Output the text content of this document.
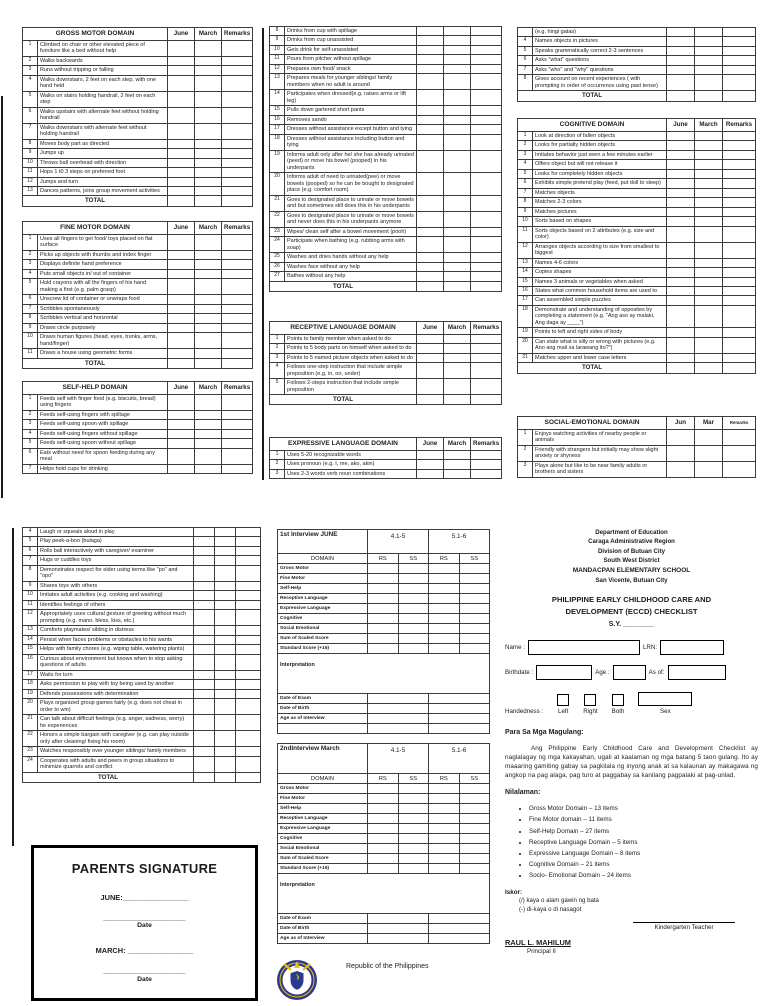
GROSS MOTOR DOMAIN		June	March	Remarks
1	Climbed on chair or other elevated piece of furniture like a bed without help			
2	Walks backwards			
3	Runs without tripping or falling			
4	Walks downstairs, 2 feet on each step, with one hand held			
5	Walks on stairs holding handrail, 2 feet on each step			
6	Walks upstairs with alternate feet without holding handrail			
7	Walks downstairs with alternate feet without holding handrail			
8	Moves body part as directed			
9	Jumps up			
10	Throws ball overhead with direction			
11	Hops 1 t0 3 steps on preferred foot			
12	Jumps and turn			
13	Dances patterns, joins group movement activities			
TOTAL				
FINE MOTOR DOMAIN		June	March	Remarks
1	Uses all fingers to get food/ toys placed on flat surface			
2	Picks up objects with thumbs and index finger			
3	Displays definite hand preference			
4	Puts small objects in/ out of container			
5	Hold crayons with all the fingers of his hand making a first (e.g. palm grasp)			
6	Unscrew lid of container or unwraps food			
7	Scribbles spontaneously			
8	Scribbles vertical and horizontal			
9	Draws circle purposely			
10	Draws human figures (head, eyes, trunks, arms, hand/finger)			
11	Draws a house using geometric forms			
TOTAL				
SELF-HELP DOMAIN		June	March	Remarks
1	Feeds self with finger food (e.g. biscuits, bread) using fingers			
2	Feeds self-using fingers with spillage			
3	Feeds self-using spoon with spillage			
4	Feeds self-using fingers without spillage			
5	Feeds self-using spoon without spillage			
6	Eats without need for spoon feeding during any meal			
7	Helps hold cups for drinking			
8	Drinks from cup with spillage			
9	Drinks from cup unassisted			
10	Gets drink for self-unassisted			
11	Pours from pitcher without spillage			
12	Prepares own food/ snack			
13	Prepares meals for younger siblings/ family members when no adult is around			
14	Participates when dressed(e.g. raises arms or lift leg)			
15	Pulls down gartered short pants			
16	Removes sando			
17	Dresses without assistance except button and tying			
18	Dresses without assistance including button and tying			
19	Informs adult only after he/ she has already urinated (peed) or move his bowel (pooped) in his underpants			
20	Informs adult of need to urinated(pee) or move bowels (pooped) so he can be bought to designated place (e.g. comfort room)			
21	Goes to designated place to urinate or move bowels and but sometimes still does this in his underpants			
22	Goes to designated place to urinate or move bowels and never does this in his underpants anymore			
23	Wipes/ clean self after a bowel movement (pooh)			
24	Participate when bathing (e.g. rubbing arms with soap)			
25	Washes and dries hands without any help			
26	Washes face without any help			
27	Bathes without any help			
TOTAL				
RECEPTIVE LANGUAGE DOMAIN		June	March	Remarks
1	Points to family member when asked to do			
2	Points to 5 body parts on himself when asked to do			
3	Points to 5 named picture objects when asked to do			
4	Follows one-step instruction that include simple preposition (e.g. in, on, under)			
5	Follows 2-steps instruction that include simple preposition			
TOTAL				
EXPRESSIVE LANGUAGE DOMAIN		June	March	Remarks
1	Uses 5-20 recognizable words			
2	Uses pronoun (e.g. I, me, ako, akin)			
3	Uses 2-3 words verb noun combinations			
	(e.g. hingi gatas)			
4	Names objects in pictures			
5	Speaks grammatically correct 2-3 sentences			
6	Asks "what" questions			
7	Asks "who" and "why" questions			
8	Gives account on recent experiences ( with prompting in order of occurrence using past tense)			
TOTAL				
COGNITIVE DOMAIN		June	March	Remarks
1	Look at direction of fallen objects			
2	Looks for partially hidden objects			
3	Imitates behavior just seen a few minutes earlier			
4	Offers object but will not release it			
5	Looks for completely hidden objects			
6	Exhibits simple pretend play (feed, put doll to sleep)			
7	Matches objects			
8	Matches 2-3 colors			
9	Matches pictures			
10	Sorts based on shapes			
11	Sorts objects based on 2 attributes (e.g. size and color)			
12	Arranges objects according to size from smallest to biggest			
13	Names 4-6 colors			
14	Copies shapes			
15	Names 3 animals or vegetables when asked			
16	States what common household items are used to			
17	Can assembled simple puzzles			
18	Demonstrate and understanding of opposites by completing a statement (e.g. "Ang aso ay malaki, Ang daga ay ____")			
19	Points to left and right sides of body			
20	Can state what is silly or wrong with pictures (e.g. Ano ang mali sa larawang ito?")			
21	Matches upper and lower case letters			
TOTAL				
SOCIAL-EMOTIONAL DOMAIN		Jun	Mar	Remarks
1	Enjoys watching activities of nearby people or animals			
2	Friendly with strangers but initially may show slight anxiety or shyness			
3	Plays alone but like to be near family adults or brothers and sisters			
4	Laugh or squeals aloud in play			
5	Play peek-a-boo (bulaga)			
6	Rolls ball interactively with caregiver/ examiner			
7	Hugs or cuddles toys			
8	Demonstrates respect for elder using terms like "po" and "opo"			
9	Shares toys with others			
10	Imitates adult activities (e.g. cooking and washing)			
11	Identifies feelings of others			
12	Appropriately uses cultural gesture of greeting without much prompting (e.g. mano, bless, kiss, etc.)			
13	Comforts playmates/ sibling in distress			
14	Persist when faces problems or obstacles to his wants			
15	Helps with family chores (e.g. wiping table, watering plants)			
16	Curious about environment but knows when to stop asking questions of adults			
17	Waits for turn			
18	Asks permission to play with toy being used by another			
19	Defends possessions with determination			
20	Plays organized group games fairly (e.g. does not cheat in order to win)			
21	Can talk about difficult feelings (e.g. anger, sadness, worry) he experiences			
22	Honors a simple bargain with caregiver (e.g. can play outside only after cleaning/ fixing his room)			
23	Watches responsibly over younger siblings/ family members			
24	Cooperates with adults and peers in group situations to minimize quarrels and conflict			
TOTAL				
PARENTS SIGNATURE
JUNE:________________
____________________
Date
MARCH: ________________
____________________
Date
1st Interview JUNE	4.1-5		5.1-6	
DOMAIN	RS	SS	RS	SS
Gross Motor				
Fine Motor				
Self-Help				
Receptive Language				
Expressive Language				
Cognitive				
Social Emotional				
Sum of Scaled Score				
Standard Score (+15)				
Interpretation				
Date of Exam				
Date of Birth				
Age as of Interview				

2ndInterview March	4.1-5		5.1-6	
DOMAIN	RS	SS	RS	SS
Gross Motor				
Fine Motor				
Self-Help				
Receptive Language				
Expressive Language				
Cognitive				
Social Emotional				
Sum of Scaled Score				
Standard Score (+15)				
Interpretation				
Date of Exam				
Date of Birth				
Age as of Interview				
Department of Education
Caraga Administrative Region
Division of Butuan City
South West District
MANDACPAN ELEMENTARY SCHOOL
San Vicente, Butuan City
PHILIPPINE EARLY CHILDHOOD CARE AND
DEVELOPMENT (ECCD) CHECKLIST
S.Y. ________
Name :	LRN:
Birthdate :	Age :	As of:
Handedness : Left Right Both	Sex
Para Sa Mga Magulang:
Ang Philippine Early Childhood Care and Development Checklist ay naglalagay ng mga kakayahan, ugali at kaalaman ng mga batang 5 taon gulang. Ito ay maaaring gamiting gabay sa pagkilala ng inyong anak at sa kalaunan ay makagawa ng angkop na pag alaga, pag turo at paggabay sa kanilang pagpalaki at pag-unlad.
Nilalaman:
• Gross Motor Domain – 13 items
• Fine Motor domain – 11 items
• Self-Help Domain – 27 items
• Receptive Language Domain – 5 items
• Expressive Language Domain – 8 items
• Cognitive Domain – 21 items
• Socio- Emotional Domain – 24 items
Iskor:
(/) kaya o alam gawin ng bata
(-) di-kaya o di nasagot
Kindergarten Teacher
RAUL L. MAHILUM
Principal II
Republic of the Philippines
